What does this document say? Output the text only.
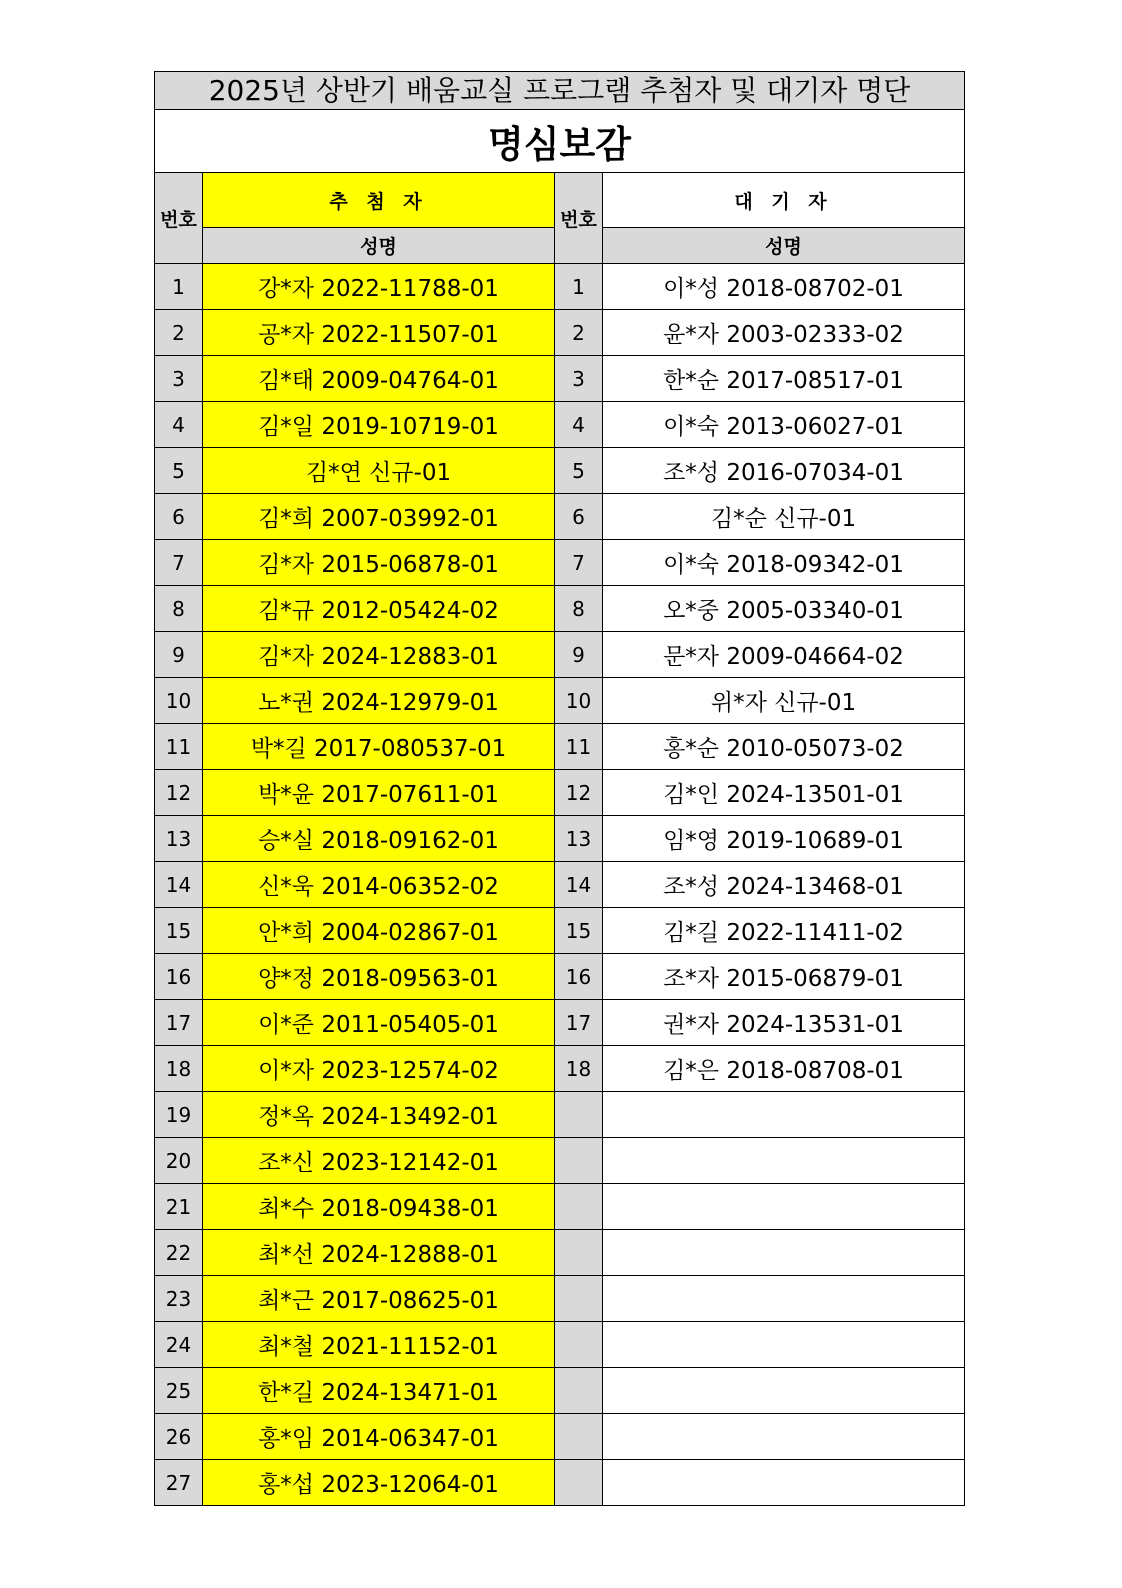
2025년 상반기 배움교실 프로그램 추첨자 및 대기자 명단			
명심보감			
번호	추 첨 자	번호	대 기 자
	성명		성명
1	강*자 2022-11788-01	1	이*성 2018-08702-01
2	공*자 2022-11507-01	2	윤*자 2003-02333-02
3	김*태 2009-04764-01	3	한*순 2017-08517-01
4	김*일 2019-10719-01	4	이*숙 2013-06027-01
5	김*연 신규-01	5	조*성 2016-07034-01
6	김*희 2007-03992-01	6	김*순 신규-01
7	김*자 2015-06878-01	7	이*숙 2018-09342-01
8	김*규 2012-05424-02	8	오*중 2005-03340-01
9	김*자 2024-12883-01	9	문*자 2009-04664-02
10	노*권 2024-12979-01	10	위*자 신규-01
11	박*길 2017-080537-01	11	홍*순 2010-05073-02
12	박*윤 2017-07611-01	12	김*인 2024-13501-01
13	승*실 2018-09162-01	13	임*영 2019-10689-01
14	신*욱 2014-06352-02	14	조*성 2024-13468-01
15	안*희 2004-02867-01	15	김*길 2022-11411-02
16	양*정 2018-09563-01	16	조*자 2015-06879-01
17	이*준 2011-05405-01	17	권*자 2024-13531-01
18	이*자 2023-12574-02	18	김*은 2018-08708-01
19	정*옥 2024-13492-01		
20	조*신 2023-12142-01		
21	최*수 2018-09438-01		
22	최*선 2024-12888-01		
23	최*근 2017-08625-01		
24	최*철 2021-11152-01		
25	한*길 2024-13471-01		
26	홍*임 2014-06347-01		
27	홍*섭 2023-12064-01		
